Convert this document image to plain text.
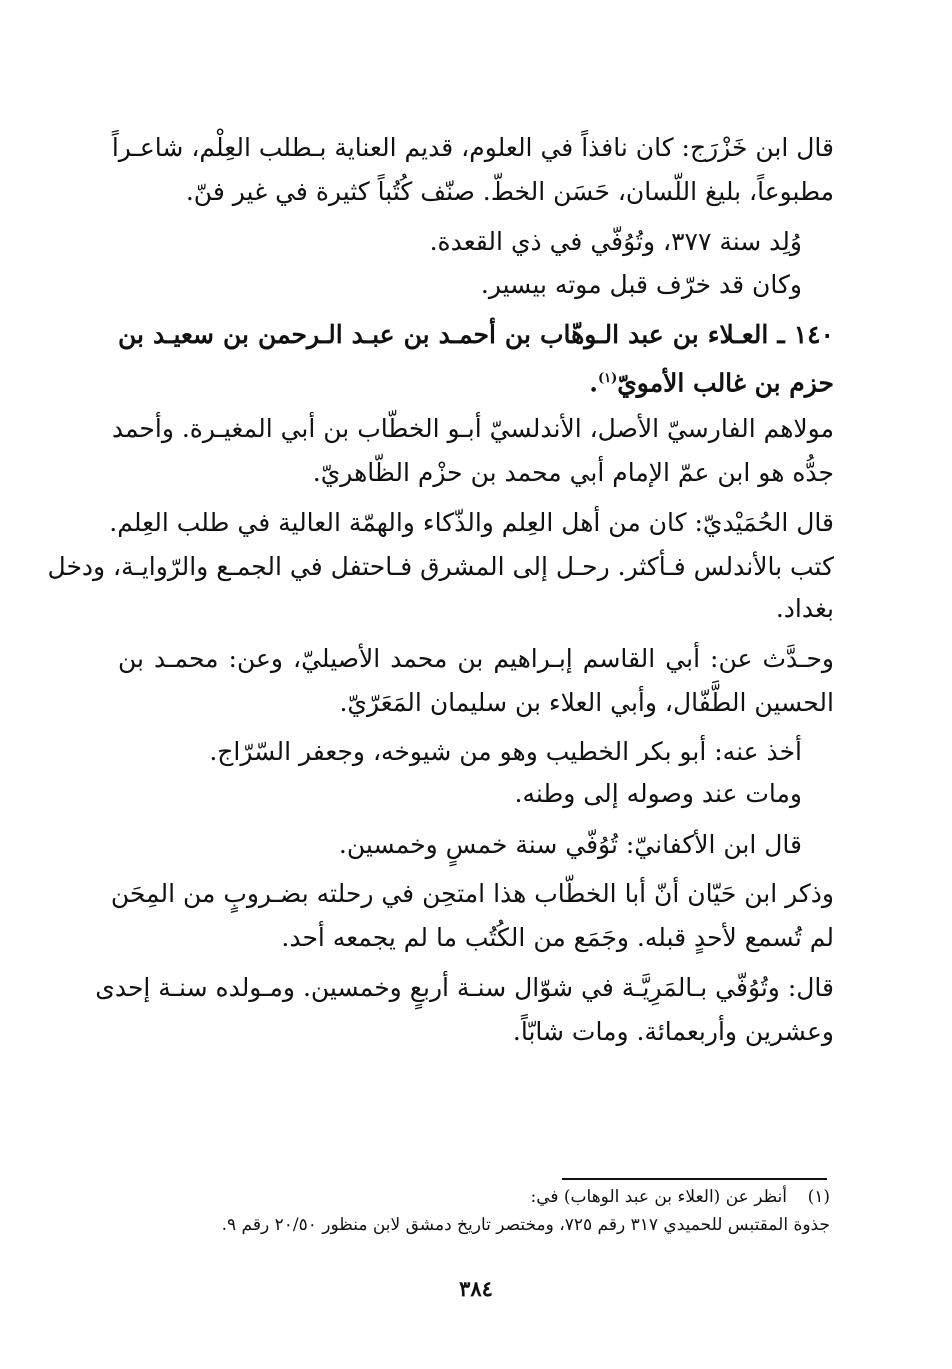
قال ابن خَزْرَج: كان نافذاً في العلوم، قديم العناية بـطلب العِلْم، شاعـراً
مطبوعاً، بليغ اللّسان، حَسَن الخطّ. صنّف كُتُباً كثيرة في غير فنّ.
وُلِد سنة ٣٧٧، وتُوُفّي في ذي القعدة.
وكان قد خرّف قبل موته بيسير.
١٤٠ ـ العـلاء بن عبد الـوهّاب بن أحمـد بن عبـد الـرحمن بن سعيـد بن
حزم بن غالب الأمويّ$^{(١)}$.
مولاهم الفارسيّ الأصل، الأندلسيّ أبـو الخطّاب بن أبي المغيـرة. وأحمد
جدُّه هو ابن عمّ الإمام أبي محمد بن حزْم الظّاهريّ.
قال الحُمَيْديّ: كان من أهل العِلم والذّكاء والهمّة العالية في طلب العِلم.
كتب بالأندلس فـأكثر. رحـل إلى المشرق فـاحتفل في الجمـع والرّوايـة، ودخل
بغداد.
وحـدَّث عن: أبي القاسم إبـراهيم بن محمد الأصيليّ، وعن: محمـد بن
الحسين الطَّفّال، وأبي العلاء بن سليمان المَعَرّيّ.
أخذ عنه: أبو بكر الخطيب وهو من شيوخه، وجعفر السّرّاج.
ومات عند وصوله إلى وطنه.
قال ابن الأكفانيّ: تُوُفّي سنة خمسٍ وخمسين.
وذكر ابن حَيّان أنّ أبا الخطّاب هذا امتحِن في رحلته بضـروبٍ من المِحَن
لم تُسمع لأحدٍ قبله. وجَمَع من الكُتُب ما لم يجمعه أحد.
قال: وتُوُفّي بـالمَرِيَّـة في شوّال سنـة أربعٍ وخمسين. ومـولده سنـة إحدى
وعشرين وأربعمائة. ومات شابّاً.
(١)
أنظر عن (العلاء بن عبد الوهاب) في:
جذوة المقتبس للحميدي ٣١٧ رقم ٧٢٥، ومختصر تاريخ دمشق لابن منظور ٢٠/٥٠ رقم ٩.
٣٨٤
